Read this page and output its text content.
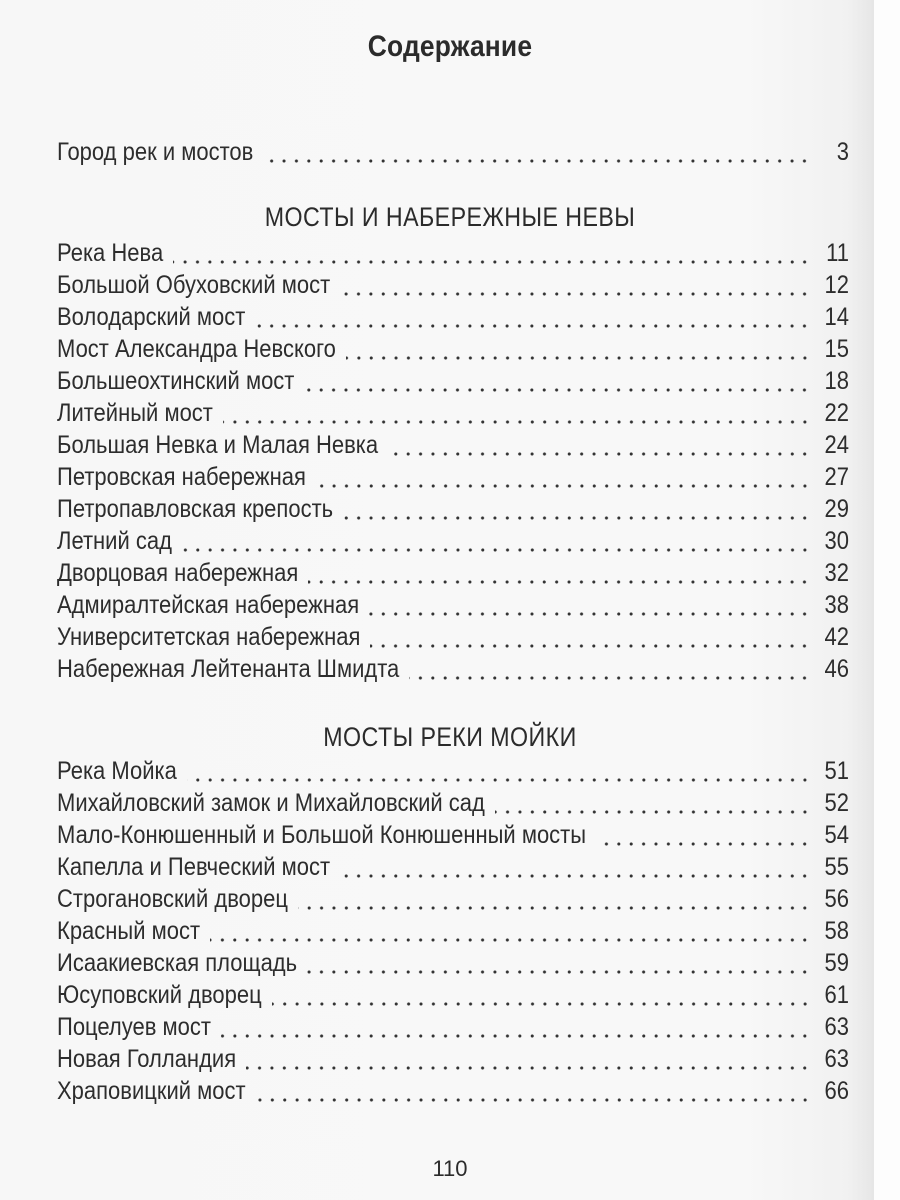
Содержание
Город рек и мостов	3
МОСТЫ И НАБЕРЕЖНЫЕ НЕВЫ
Река Нева	11
Большой Обуховский мост	12
Володарский мост	14
Мост Александра Невского	15
Большеохтинский мост	18
Литейный мост	22
Большая Невка и Малая Невка	24
Петровская набережная	27
Петропавловская крепость	29
Летний сад	30
Дворцовая набережная	32
Адмиралтейская набережная	38
Университетская набережная	42
Набережная Лейтенанта Шмидта	46
МОСТЫ РЕКИ МОЙКИ
Река Мойка	51
Михайловский замок и Михайловский сад	52
Мало-Конюшенный и Большой Конюшенный мосты	54
Капелла и Певческий мост	55
Строгановский дворец	56
Красный мост	58
Исаакиевская площадь	59
Юсуповский дворец	61
Поцелуев мост	63
Новая Голландия	63
Храповицкий мост	66
110
